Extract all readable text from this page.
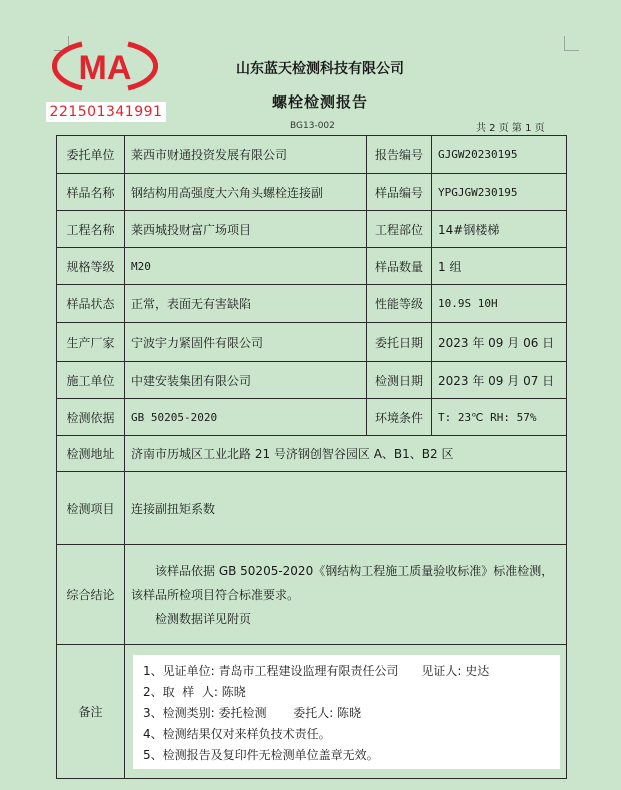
MA
221501341991
山东蓝天检测科技有限公司
螺栓检测报告
BG13-002	共 2 页 第 1 页
委托单位	莱西市财通投资发展有限公司	报告编号	GJGW20230195
样品名称	钢结构用高强度大六角头螺栓连接副	样品编号	YPGJGW230195
工程名称	莱西城投财富广场项目	工程部位	14#钢楼梯
规格等级	M20	样品数量	1 组
样品状态	正常，表面无有害缺陷	性能等级	10.9S 10H
生产厂家	宁波宇力紧固件有限公司	委托日期	2023 年 09 月 06 日
施工单位	中建安装集团有限公司	检测日期	2023 年 09 月 07 日
检测依据	GB 50205-2020	环境条件	T: 23℃ RH: 57%
检测地址	济南市历城区工业北路 21 号济钢创智谷园区 A、B1、B2 区		
检测项目	连接副扭矩系数		
综合结论	该样品依据 GB 50205-2020《钢结构工程施工质量验收标准》标准检测，

该样品所检项目符合标准要求。

检测数据详见附页		

备注	1、见证单位: 青岛市工程建设监理有限责任公司      见证人: 史达
2、取  样  人: 陈晓
3、检测类别: 委托检测       委托人: 陈晓
4、检测结果仅对来样负技术责任。
5、检测报告及复印件无检测单位盖章无效。		
